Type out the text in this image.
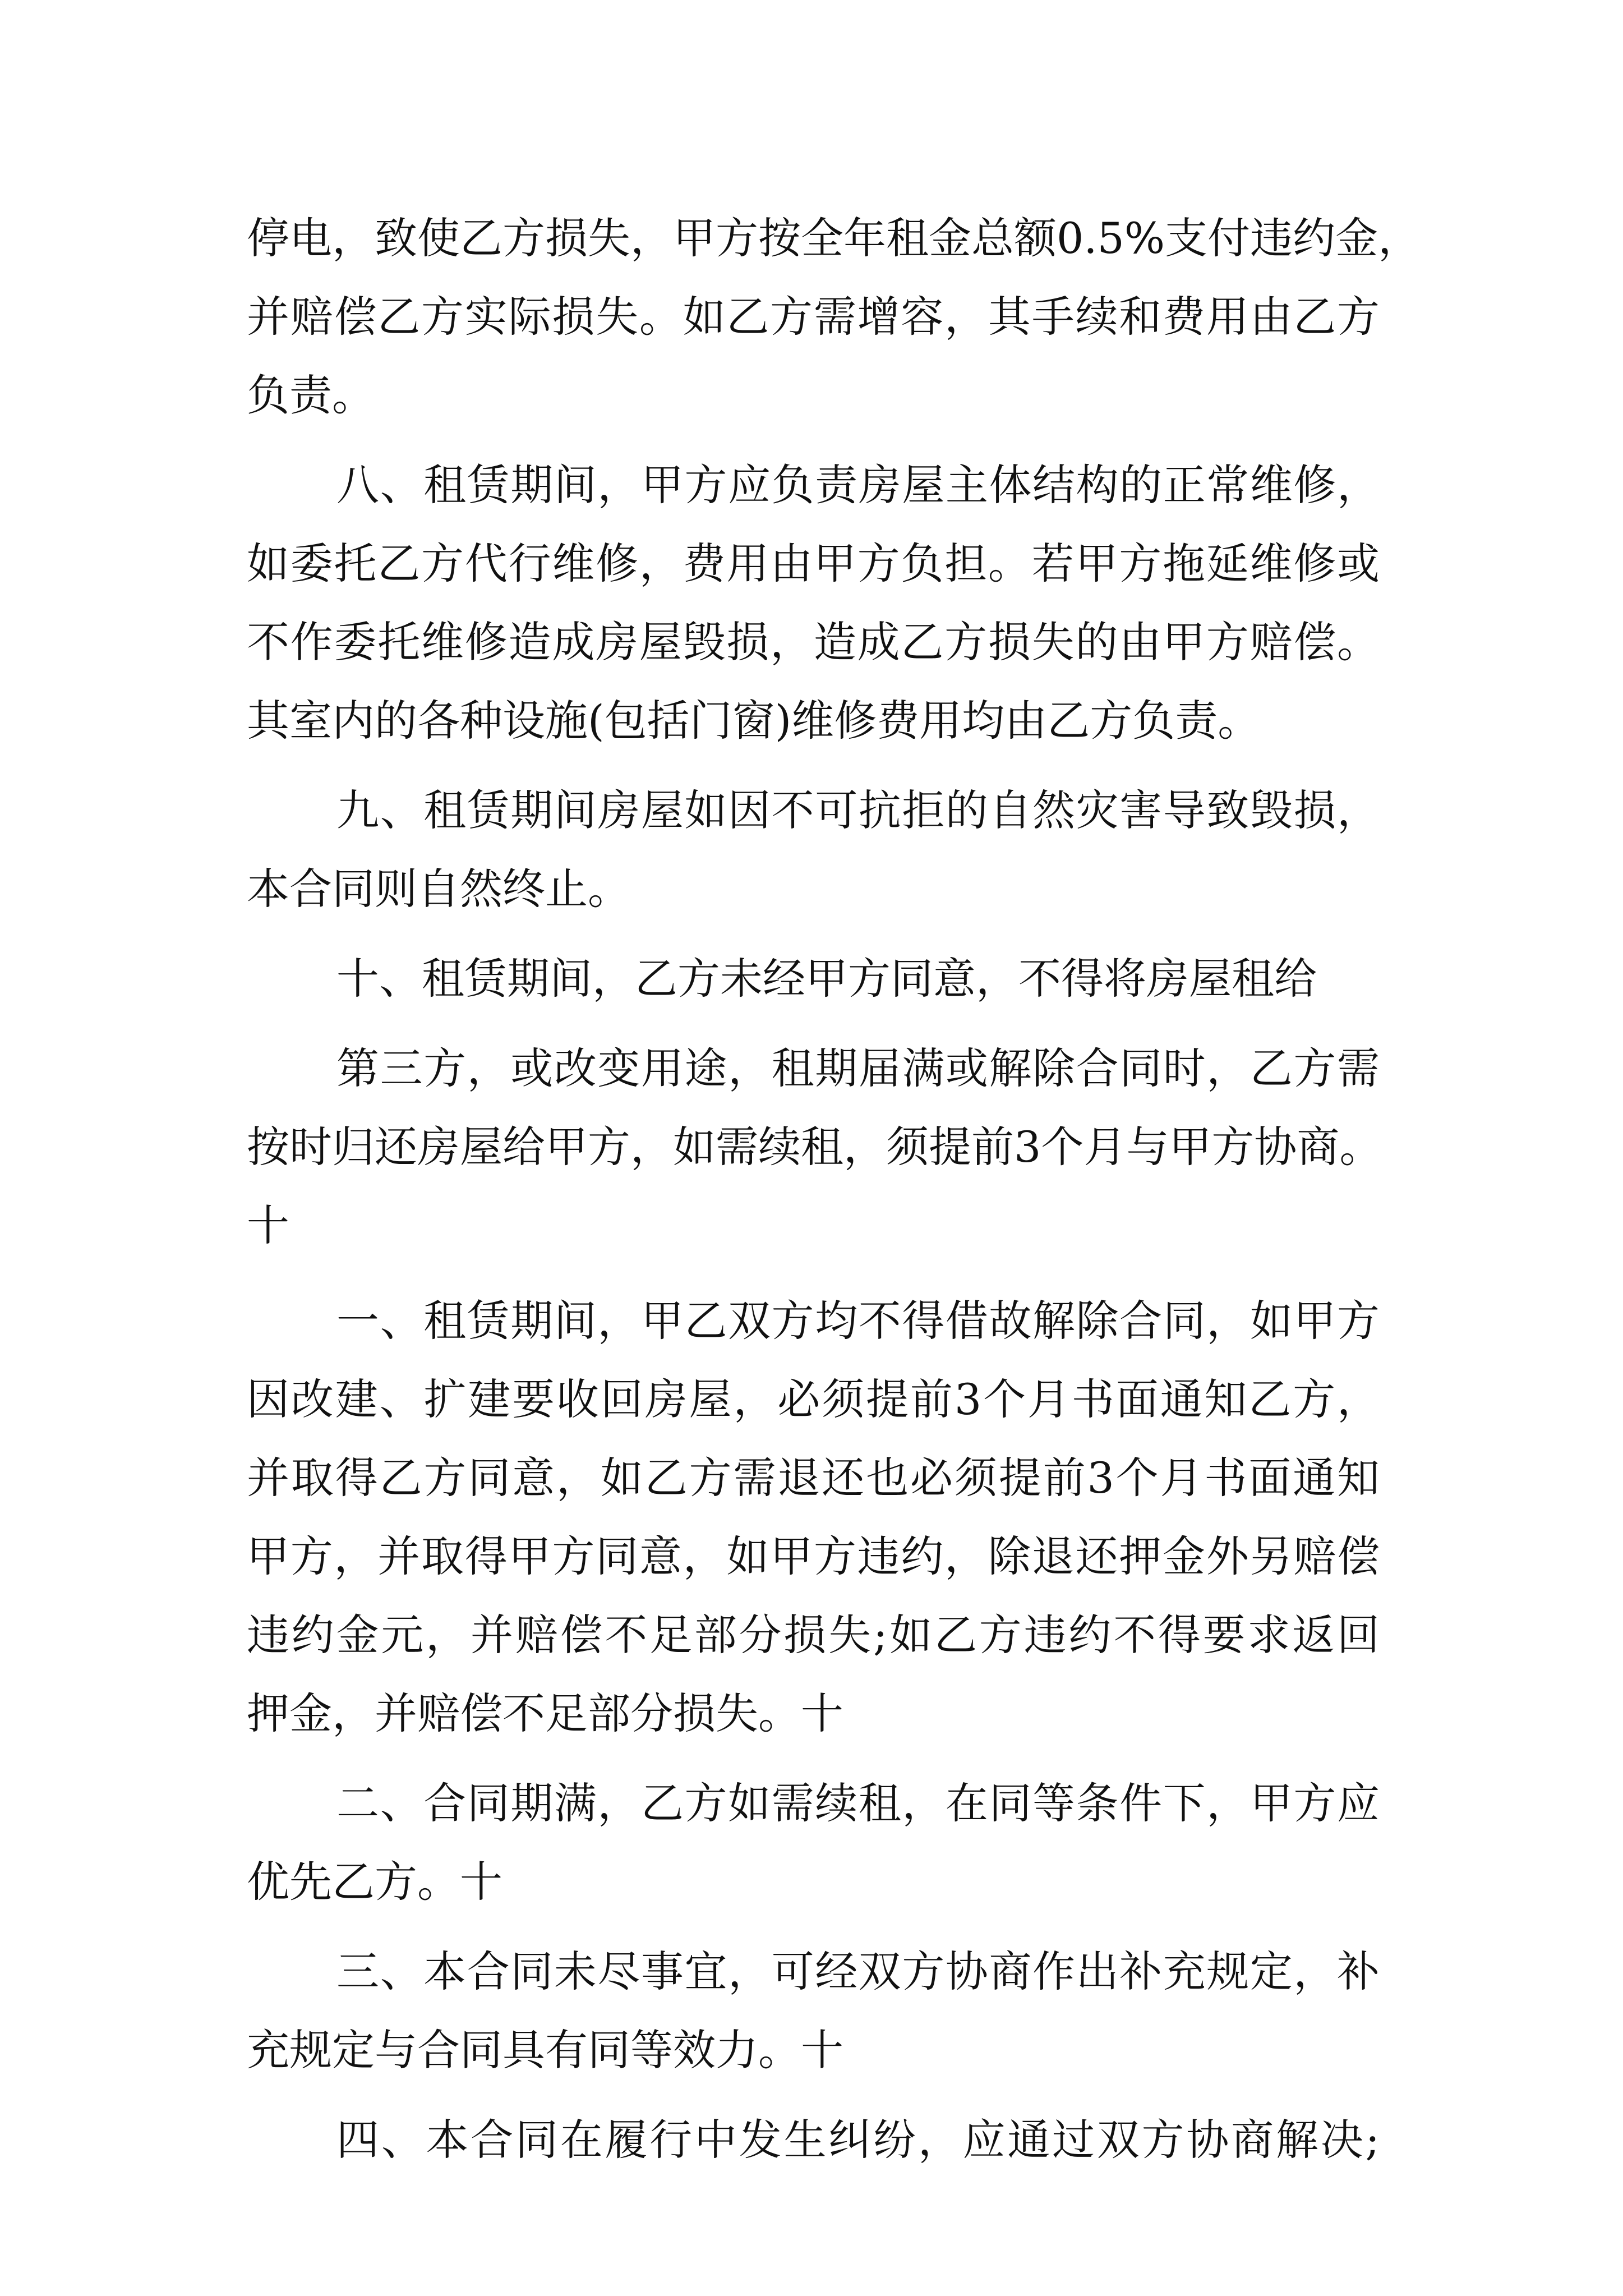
停电，致使乙方损失，甲方按全年租金总额0.5%支付违约金，
并赔偿乙方实际损失。如乙方需增容，其手续和费用由乙方
负责。
八、租赁期间，甲方应负责房屋主体结构的正常维修，
如委托乙方代行维修，费用由甲方负担。若甲方拖延维修或
不作委托维修造成房屋毁损，造成乙方损失的由甲方赔偿。
其室内的各种设施(包括门窗)维修费用均由乙方负责。
九、租赁期间房屋如因不可抗拒的自然灾害导致毁损，
本合同则自然终止。
十、租赁期间，乙方未经甲方同意，不得将房屋租给
第三方，或改变用途，租期届满或解除合同时，乙方需
按时归还房屋给甲方，如需续租，须提前3个月与甲方协商。
十
一、租赁期间，甲乙双方均不得借故解除合同，如甲方
因改建、扩建要收回房屋，必须提前3个月书面通知乙方，
并取得乙方同意，如乙方需退还也必须提前3个月书面通知
甲方，并取得甲方同意，如甲方违约，除退还押金外另赔偿
违约金元，并赔偿不足部分损失;如乙方违约不得要求返回
押金，并赔偿不足部分损失。十
二、合同期满，乙方如需续租，在同等条件下，甲方应
优先乙方。十
三、本合同未尽事宜，可经双方协商作出补充规定，补
充规定与合同具有同等效力。十
四、本合同在履行中发生纠纷，应通过双方协商解决;
